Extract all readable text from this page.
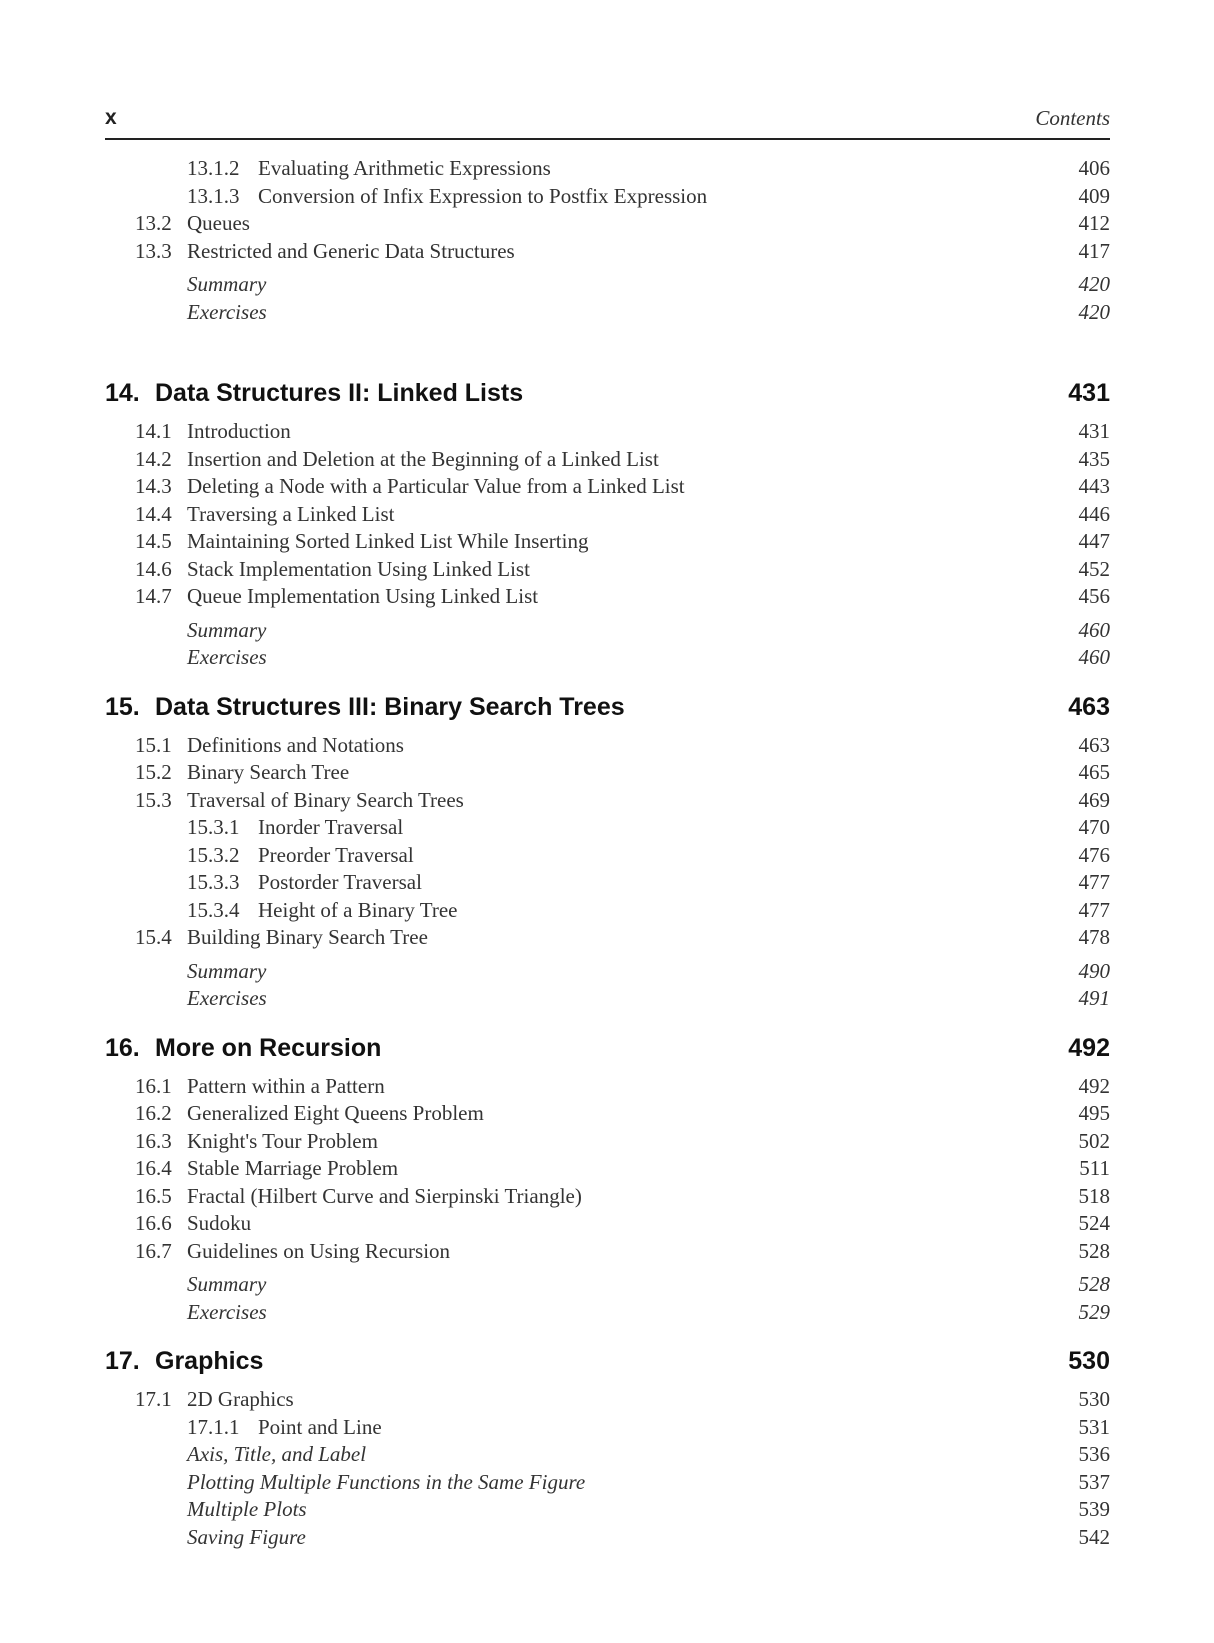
x	Contents
13.1.2 Evaluating Arithmetic Expressions	406
13.1.3 Conversion of Infix Expression to Postfix Expression	409
13.2 Queues	412
13.3 Restricted and Generic Data Structures	417
Summary	420
Exercises	420
14. Data Structures II: Linked Lists	431
14.1 Introduction	431
14.2 Insertion and Deletion at the Beginning of a Linked List	435
14.3 Deleting a Node with a Particular Value from a Linked List	443
14.4 Traversing a Linked List	446
14.5 Maintaining Sorted Linked List While Inserting	447
14.6 Stack Implementation Using Linked List	452
14.7 Queue Implementation Using Linked List	456
Summary	460
Exercises	460
15. Data Structures III: Binary Search Trees	463
15.1 Definitions and Notations	463
15.2 Binary Search Tree	465
15.3 Traversal of Binary Search Trees	469
15.3.1 Inorder Traversal	470
15.3.2 Preorder Traversal	476
15.3.3 Postorder Traversal	477
15.3.4 Height of a Binary Tree	477
15.4 Building Binary Search Tree	478
Summary	490
Exercises	491
16. More on Recursion	492
16.1 Pattern within a Pattern	492
16.2 Generalized Eight Queens Problem	495
16.3 Knight's Tour Problem	502
16.4 Stable Marriage Problem	511
16.5 Fractal (Hilbert Curve and Sierpinski Triangle)	518
16.6 Sudoku	524
16.7 Guidelines on Using Recursion	528
Summary	528
Exercises	529
17. Graphics	530
17.1 2D Graphics	530
17.1.1 Point and Line	531
Axis, Title, and Label	536
Plotting Multiple Functions in the Same Figure	537
Multiple Plots	539
Saving Figure	542
